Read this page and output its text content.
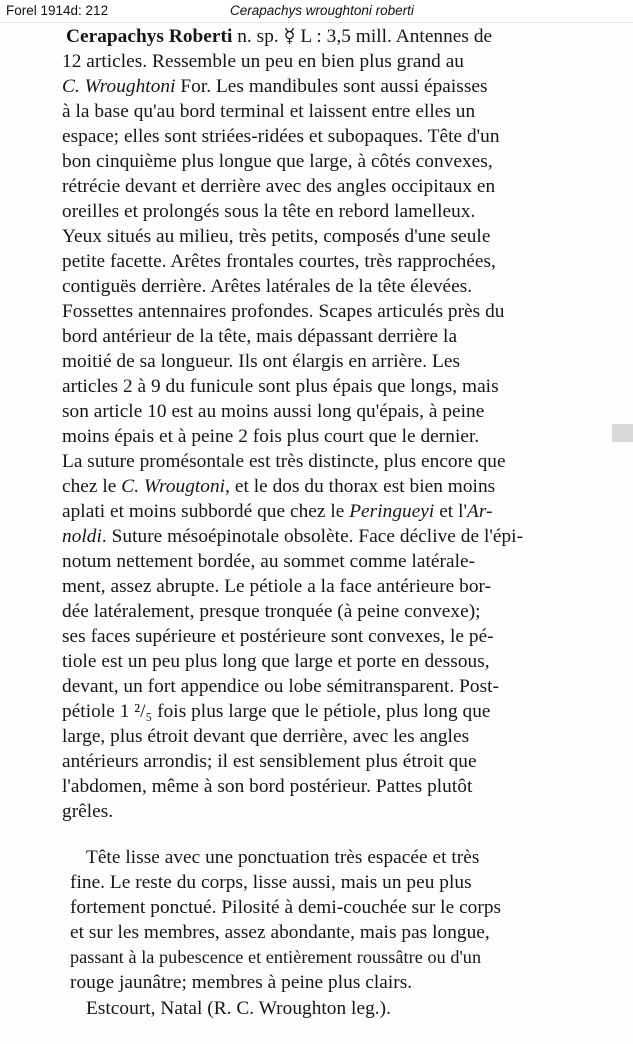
Forel 1914d: 212	Cerapachys wroughtoni roberti
Cerapachys Roberti n. sp. ☿ L : 3,5 mill. Antennes de
12 articles. Ressemble un peu en bien plus grand au
C. Wroughtoni For. Les mandibules sont aussi épaisses
à la base qu'au bord terminal et laissent entre elles un
espace; elles sont striées-ridées et subopaques. Tête d'un
bon cinquième plus longue que large, à côtés convexes,
rétrécie devant et derrière avec des angles occipitaux en
oreilles et prolongés sous la tête en rebord lamelleux.
Yeux situés au milieu, très petits, composés d'une seule
petite facette. Arêtes frontales courtes, très rapprochées,
contiguës derrière. Arêtes latérales de la tête élevées.
Fossettes antennaires profondes. Scapes articulés près du
bord antérieur de la tête, mais dépassant derrière la
moitié de sa longueur. Ils ont élargis en arrière. Les
articles 2 à 9 du funicule sont plus épais que longs, mais
son article 10 est au moins aussi long qu'épais, à peine
moins épais et à peine 2 fois plus court que le dernier.
La suture promésontale est très distincte, plus encore que
chez le C. Wrougtoni, et le dos du thorax est bien moins
aplati et moins subbordé que chez le Peringueyi et l'Ar-
noldi. Suture mésoépinotale obsolète. Face déclive de l'épi-
notum nettement bordée, au sommet comme latérale-
ment, assez abrupte. Le pétiole a la face antérieure bor-
dée latéralement, presque tronquée (à peine convexe);
ses faces supérieure et postérieure sont convexes, le pé-
tiole est un peu plus long que large et porte en dessous,
devant, un fort appendice ou lobe sémitransparent. Post-
pétiole 1 ²/₅ fois plus large que le pétiole, plus long que
large, plus étroit devant que derrière, avec les angles
antérieurs arrondis; il est sensiblement plus étroit que
l'abdomen, même à son bord postérieur. Pattes plutôt
grêles.
Tête lisse avec une ponctuation très espacée et très
fine. Le reste du corps, lisse aussi, mais un peu plus
fortement ponctué. Pilosité à demi-couchée sur le corps
et sur les membres, assez abondante, mais pas longue,
passant à la pubescence et entièrement roussâtre ou d'un
rouge jaunâtre; membres à peine plus clairs.
Estcourt, Natal (R. C. Wroughton leg.).
